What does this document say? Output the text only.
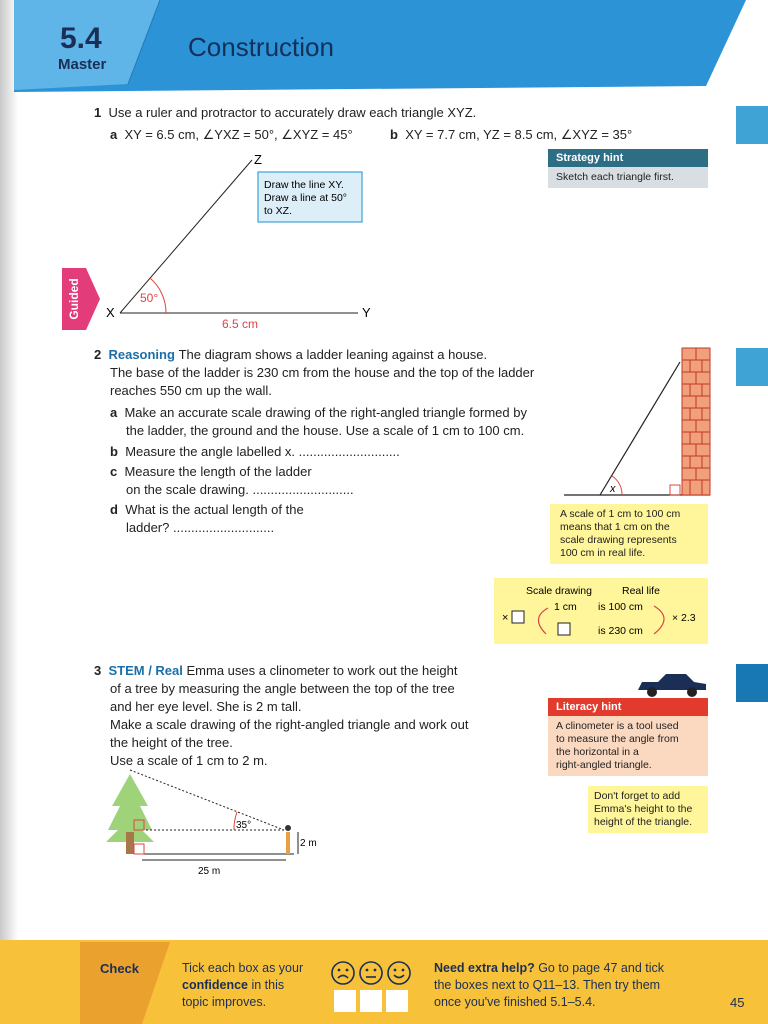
5.4
Master
Construction
1 Use a ruler and protractor to accurately draw each triangle XYZ.
a XY = 6.5 cm, ∠YXZ = 50°, ∠XYZ = 45°	b XY = 7.7 cm, YZ = 8.5 cm, ∠XYZ = 35°
Guided	50°
6.5 cm
X	Y
Z
Draw the line XY.
Draw a line at 50°
to XZ.
Strategy hint
Sketch each triangle first.
2 Reasoning The diagram shows a ladder leaning against a house.
The base of the ladder is 230 cm from the house and the top of the ladder
reaches 550 cm up the wall.
a Make an accurate scale drawing of the right-angled triangle formed by
the ladder, the ground and the house. Use a scale of 1 cm to 100 cm.
b Measure the angle labelled x. ............................
c Measure the length of the ladder
on the scale drawing. ............................
d What is the actual length of the
ladder? ............................
x
A scale of 1 cm to 100 cm
means that 1 cm on the
scale drawing represents
100 cm in real life.
Scale drawing	Real life
1 cm is 100 cm
is 230 cm
×	× 2.3
3 STEM / Real Emma uses a clinometer to work out the height
of a tree by measuring the angle between the top of the tree
and her eye level. She is 2 m tall.
Make a scale drawing of the right-angled triangle and work out
the height of the tree.
Use a scale of 1 cm to 2 m.
35°
2 m
25 m
Literacy hint
A clinometer is a tool used
to measure the angle from
the horizontal in a
right-angled triangle.
Don't forget to add
Emma's height to the
height of the triangle.
Check	Tick each box as your
confidence in this
topic improves.
Need extra help? Go to page 47 and tick
the boxes next to Q11–13. Then try them
once you've finished 5.1–5.4.	45
